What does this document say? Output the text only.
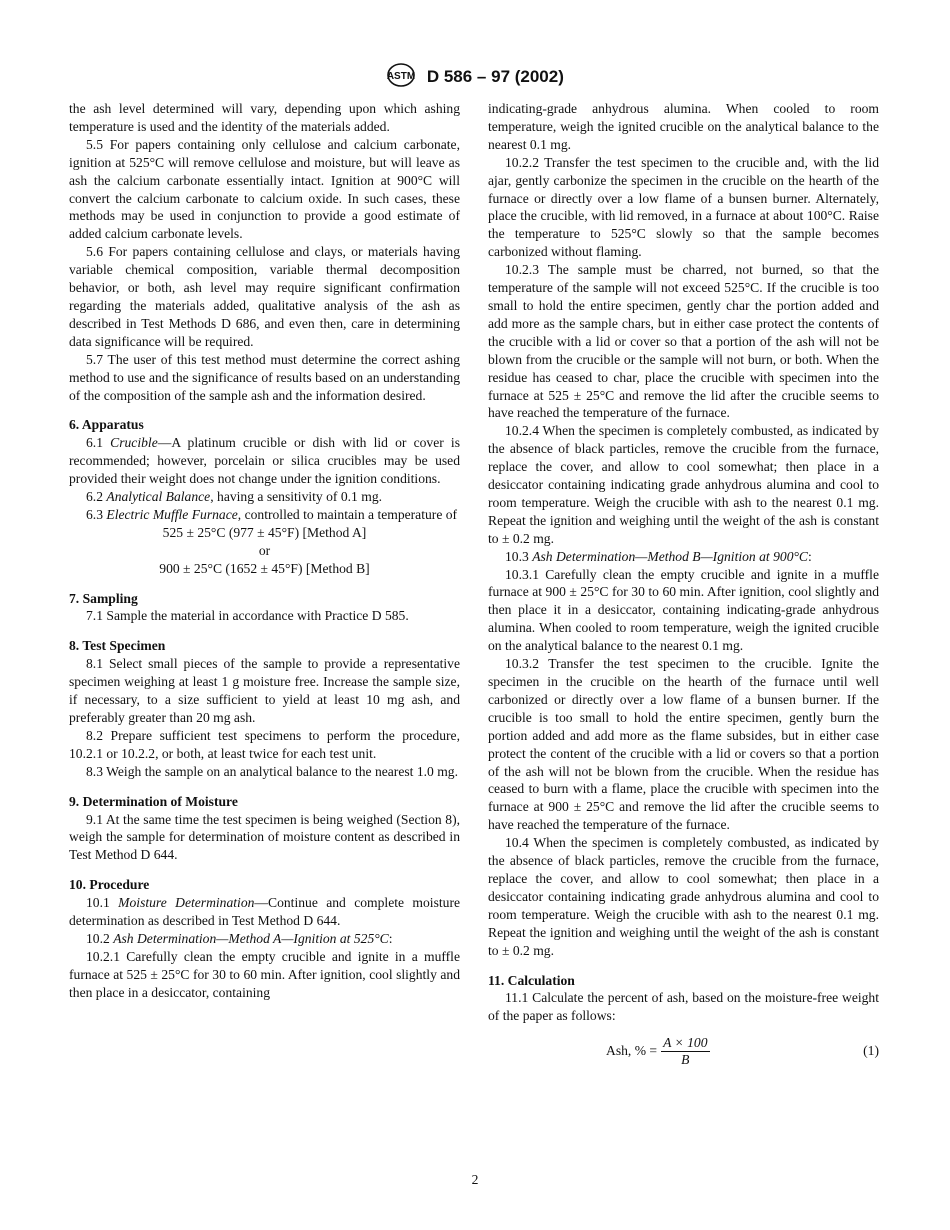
ASTM D 586 – 97 (2002)

the ash level determined will vary, depending upon which ashing temperature is used and the identity of the materials added.

5.5 For papers containing only cellulose and calcium carbonate, ignition at 525°C will remove cellulose and moisture, but will leave as ash the calcium carbonate essentially intact. Ignition at 900°C will convert the calcium carbonate to calcium oxide. In such cases, these methods may be used in conjunction to provide a good estimate of added calcium carbonate levels.

5.6 For papers containing cellulose and clays, or materials having variable chemical composition, variable thermal decomposition behavior, or both, ash level may require significant confirmation regarding the materials added, qualitative analysis of the ash as described in Test Methods D 686, and even then, care in determining data significance will be required.

5.7 The user of this test method must determine the correct ashing method to use and the significance of results based on an understanding of the composition of the sample ash and the information desired.

6. Apparatus

6.1 Crucible—A platinum crucible or dish with lid or cover is recommended; however, porcelain or silica crucibles may be used provided their weight does not change under the ignition conditions.

6.2 Analytical Balance, having a sensitivity of 0.1 mg.

6.3 Electric Muffle Furnace, controlled to maintain a temperature of

525 ± 25°C (977 ± 45°F) [Method A]
or
900 ± 25°C (1652 ± 45°F) [Method B]
7. Sampling

7.1 Sample the material in accordance with Practice D 585.

8. Test Specimen

8.1 Select small pieces of the sample to provide a representative specimen weighing at least 1 g moisture free. Increase the sample size, if necessary, to a size sufficient to yield at least 10 mg ash, and preferably greater than 20 mg ash.

8.2 Prepare sufficient test specimens to perform the procedure, 10.2.1 or 10.2.2, or both, at least twice for each test unit.

8.3 Weigh the sample on an analytical balance to the nearest 1.0 mg.

9. Determination of Moisture

9.1 At the same time the test specimen is being weighed (Section 8), weigh the sample for determination of moisture content as described in Test Method D 644.

10. Procedure

10.1 Moisture Determination—Continue and complete moisture determination as described in Test Method D 644.

10.2 Ash Determination—Method A—Ignition at 525°C:

10.2.1 Carefully clean the empty crucible and ignite in a muffle furnace at 525 ± 25°C for 30 to 60 min. After ignition, cool slightly and then place in a desiccator, containing

indicating-grade anhydrous alumina. When cooled to room temperature, weigh the ignited crucible on the analytical balance to the nearest 0.1 mg.

10.2.2 Transfer the test specimen to the crucible and, with the lid ajar, gently carbonize the specimen in the crucible on the hearth of the furnace or directly over a low flame of a bunsen burner. Alternately, place the crucible, with lid removed, in a furnace at about 100°C. Raise the temperature to 525°C slowly so that the sample becomes carbonized without flaming.

10.2.3 The sample must be charred, not burned, so that the temperature of the sample will not exceed 525°C. If the crucible is too small to hold the entire specimen, gently char the portion added and add more as the sample chars, but in either case protect the contents of the crucible with a lid or cover so that a portion of the ash will not be blown from the crucible or the sample will not burn, or both. When the residue has ceased to char, place the crucible with specimen into the furnace at 525 ± 25°C and remove the lid after the crucible seems to have reached the temperature of the furnace.

10.2.4 When the specimen is completely combusted, as indicated by the absence of black particles, remove the crucible from the furnace, replace the cover, and allow to cool somewhat; then place in a desiccator containing indicating grade anhydrous alumina and cool to room temperature. Weigh the crucible with ash to the nearest 0.1 mg. Repeat the ignition and weighing until the weight of the ash is constant to ± 0.2 mg.

10.3 Ash Determination—Method B—Ignition at 900°C:

10.3.1 Carefully clean the empty crucible and ignite in a muffle furnace at 900 ± 25°C for 30 to 60 min. After ignition, cool slightly and then place it in a desiccator, containing indicating-grade anhydrous alumina. When cooled to room temperature, weigh the ignited crucible on the analytical balance to the nearest 0.1 mg.

10.3.2 Transfer the test specimen to the crucible. Ignite the specimen in the crucible on the hearth of the furnace until well carbonized or directly over a low flame of a bunsen burner. If the crucible is too small to hold the entire specimen, gently burn the portion added and add more as the flame subsides, but in either case protect the content of the crucible with a lid or covers so that a portion of the ash will not be blown from the crucible. When the residue has ceased to burn with a flame, place the crucible with specimen into the furnace at 900 ± 25°C and remove the lid after the crucible seems to have reached the temperature of the furnace.

10.4 When the specimen is completely combusted, as indicated by the absence of black particles, remove the crucible from the furnace, replace the cover, and allow to cool somewhat; then place in a desiccator containing indicating grade anhydrous alumina and cool to room temperature. Weigh the crucible with ash to the nearest 0.1 mg. Repeat the ignition and weighing until the weight of the ash is constant to ± 0.2 mg.

11. Calculation

11.1 Calculate the percent of ash, based on the moisture-free weight of the paper as follows:

Ash, % = $\frac{A \times 100}{B}$	(1)
2
